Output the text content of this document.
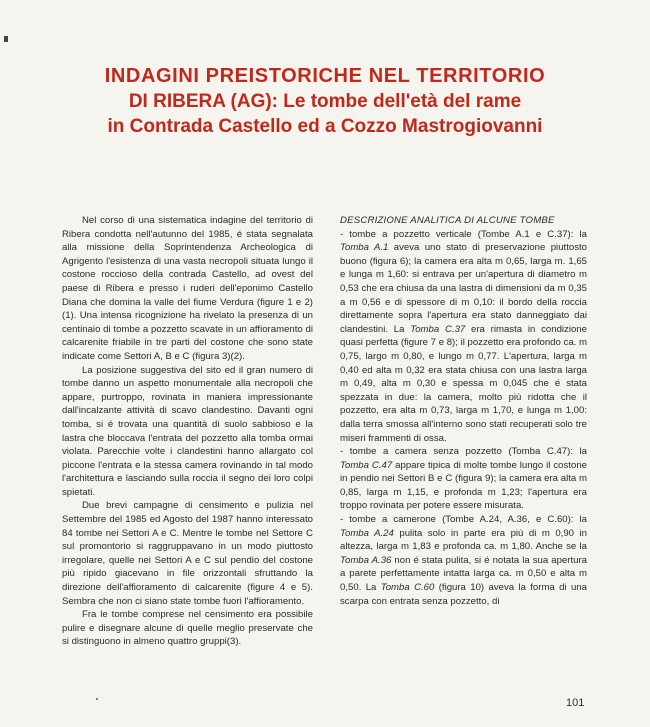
INDAGINI PREISTORICHE NEL TERRITORIO
DI RIBERA (AG): Le tombe dell'età del rame
in Contrada Castello ed a Cozzo Mastrogiovanni

Nel corso di una sistematica indagine del territorio di Ribera condotta nell'autunno del 1985, é stata segnalata alla missione della Soprintendenza Archeologica di Agrigento l'esistenza di una vasta necropoli situata lungo il costone roccioso della contrada Castello, ad ovest del paese di Ribera e presso i ruderi dell'eponimo Castello Diana che domina la valle del fiume Verdura (figure 1 e 2)(1). Una intensa ricognizione ha rivelato la presenza di un centinaio di tombe a pozzetto scavate in un affioramento di calcarenite friabile in tre parti del costone che sono state indicate come Settori A, B e C (figura 3)(2).

La posizione suggestiva del sito ed il gran numero di tombe danno un aspetto monumentale alla necropoli che appare, purtroppo, rovinata in maniera impressionante dall'incalzante attività di scavo clandestino. Davanti ogni tomba, si é trovata una quantità di suolo sabbioso e la lastra che bloccava l'entrata del pozzetto alla tomba ormai violata. Parecchie volte i clandestini hanno allargato col piccone l'entrata e la stessa camera rovinando in tal modo l'architettura e lasciando sulla roccia il segno dei loro colpi spietati.

Due brevi campagne di censimento e pulizia nel Settembre del 1985 ed Agosto del 1987 hanno interessato 84 tombe nei Settori A e C. Mentre le tombe nel Settore C sul promontorio si raggruppavano in un modo piuttosto irregolare, quelle nei Settori A e C sul pendio del costone più ripido giacevano in file orizzontali sfruttando la direzione dell'affioramento di calcarenite (figure 4 e 5). Sembra che non ci siano state tombe fuori l'affioramento.

Fra le tombe comprese nel censimento era possibile pulire e disegnare alcune di quelle meglio preservate che si distinguono in almeno quattro gruppi(3).

DESCRIZIONE ANALITICA DI ALCUNE TOMBE

- tombe a pozzetto verticale (Tombe A.1 e C.37): la Tomba A.1 aveva uno stato di preservazione piuttosto buono (figura 6); la camera era alta m 0,65, larga m. 1,65 e lunga m 1,60: si entrava per un'apertura di diametro m 0,53 che era chiusa da una lastra di dimensioni da m 0,35 a m 0,56 e di spessore di m 0,10: il bordo della roccia direttamente sopra l'apertura era stato danneggiato dai clandestini. La Tomba C.37 era rimasta in condizione quasi perfetta (figure 7 e 8); il pozzetto era profondo ca. m 0,75, largo m 0,80, e lungo m 0,77. L'apertura, larga m 0,40 ed alta m 0,32 era stata chiusa con una lastra larga m 0,49, alta m 0,30 e spessa m 0,045 che é stata spezzata in due: la camera, molto più ridotta che il pozzetto, era alta m 0,73, larga m 1,70, e lunga m 1,00: dalla terra smossa all'interno sono stati recuperati solo tre miseri frammenti di ossa.

- tombe a camera senza pozzetto (Tomba C.47): la Tomba C.47 appare tipica di molte tombe lungo il costone in pendio nei Settori B e C (figura 9); la camera era alta m 0,85, larga m 1,15, e profonda m 1,23; l'apertura era troppo rovinata per potere essere misurata.

- tombe a camerone (Tombe A.24, A.36, e C.60): la Tomba A.24 pulita solo in parte era più di m 0,90 in altezza, larga m 1,83 e profonda ca. m 1,80. Anche se la Tomba A.36 non é stata pulita, si é notata la sua apertura a parete perfettamente intatta larga ca. m 0,50 e alta m 0,50. La Tomba C.60 (figura 10) aveva la forma di una scarpa con entrata senza pozzetto, di

101
